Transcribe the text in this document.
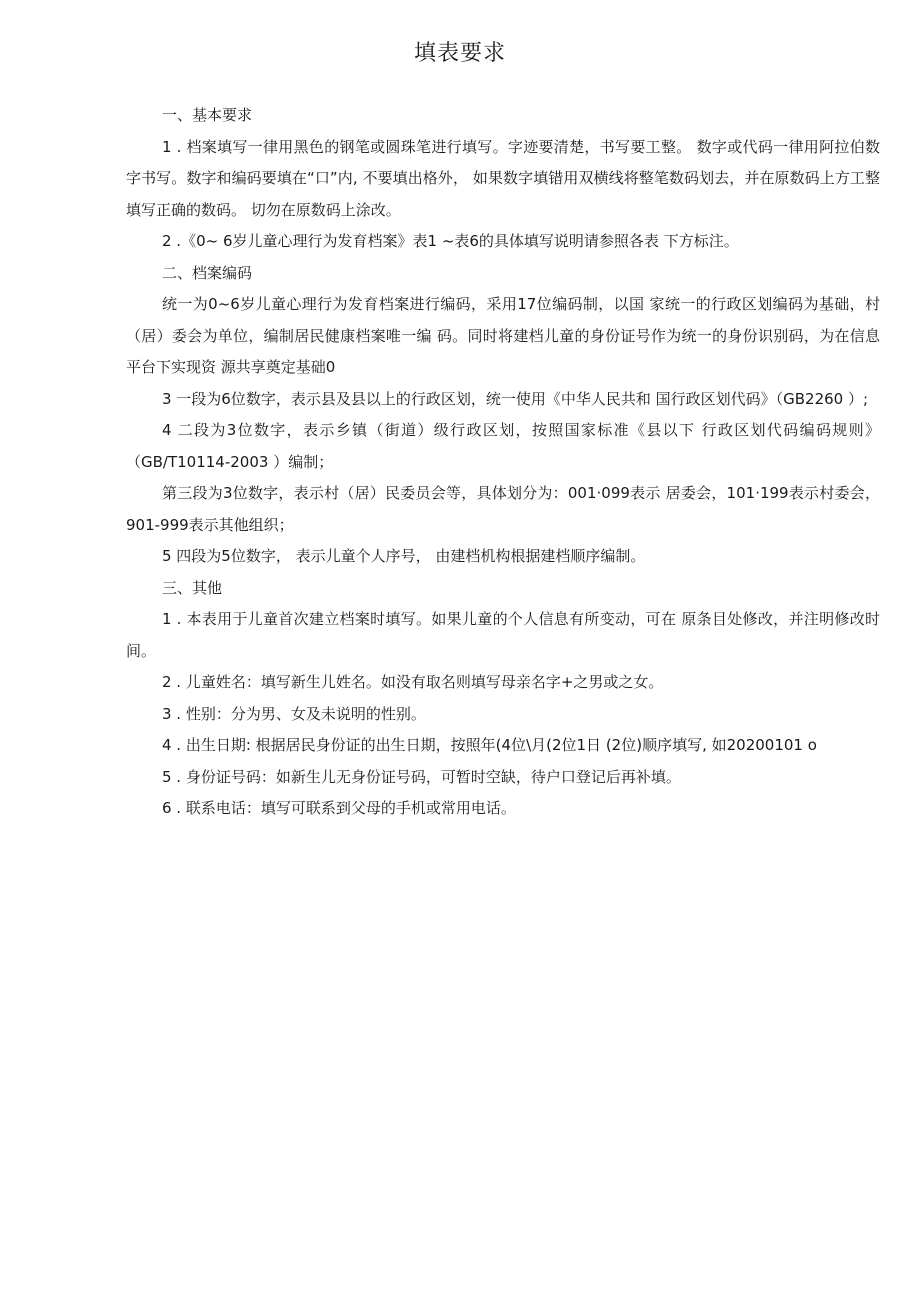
填表要求

一、基本要求

1 . 档案填写一律用黑色的钢笔或圆珠笔进行填写。字迹要清楚，书写要工整。 数字或代码一律用阿拉伯数字书写。数字和编码要填在“口”内, 不要填出格外， 如果数字填错用双横线将整笔数码划去，并在原数码上方工整填写正确的数码。 切勿在原数码上涂改。

2 .《0~ 6岁儿童心理行为发育档案》表1 ~表6的具体填写说明请参照各表 下方标注。

二、档案编码

统一为0~6岁儿童心理行为发育档案进行编码，采用17位编码制，以国 家统一的行政区划编码为基础，村（居）委会为单位，编制居民健康档案唯一编 码。同时将建档儿童的身份证号作为统一的身份识别码，为在信息平台下实现资 源共享奠定基础0

3 一段为6位数字，表示县及县以上的行政区划，统一使用《中华人民共和 国行政区划代码》（GB2260 ）;

4 二段为3位数字，表示乡镇（街道）级行政区划，按照国家标准《县以下 行政区划代码编码规则》（GB/T10114-2003 ）编制；

第三段为3位数字，表示村（居）民委员会等，具体划分为：001·099表示 居委会，101·199表示村委会，901-999表示其他组织；

5 四段为5位数字， 表示儿童个人序号， 由建档机构根据建档顺序编制。

三、其他

1 . 本表用于儿童首次建立档案时填写。如果儿童的个人信息有所变动，可在 原条目处修改，并注明修改时间。

2 . 儿童姓名：填写新生儿姓名。如没有取名则填写母亲名字+之男或之女。

3 . 性别：分为男、女及未说明的性别。

4 . 出生日期: 根据居民身份证的出生日期，按照年(4位\月(2位1日 (2位)顺序填写, 如20200101 o

5 . 身份证号码：如新生儿无身份证号码，可暂时空缺，待户口登记后再补填。

6 . 联系电话：填写可联系到父母的手机或常用电话。
